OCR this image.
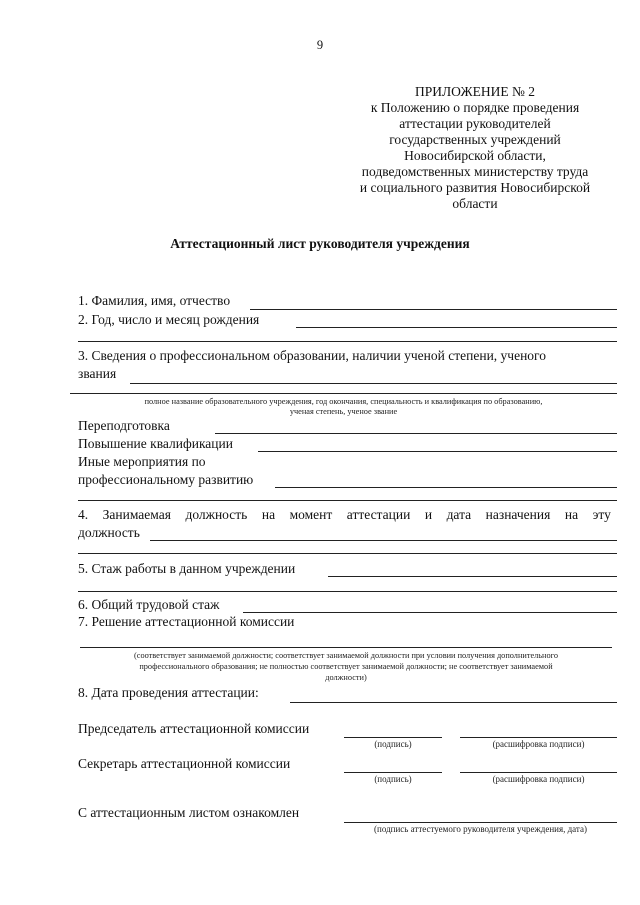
9
ПРИЛОЖЕНИЕ № 2
к Положению о порядке проведения
аттестации руководителей
государственных учреждений
Новосибирской области,
подведомственных министерству труда
и социального развития Новосибирской
области
Аттестационный лист руководителя учреждения
1. Фамилия, имя, отчество
2. Год, число и месяц рождения
3. Сведения о профессиональном образовании, наличии ученой степени, ученого
звания
полное название образовательного учреждения, год окончания, специальность и квалификация по образованию,
ученая степень, ученое звание
Переподготовка
Повышение квалификации
Иные мероприятия по
профессиональному развитию
4. Занимаемая должность на момент аттестации и дата назначения на эту
должность
5. Стаж работы в данном учреждении
6. Общий трудовой стаж
7. Решение аттестационной комиссии
(соответствует занимаемой должности; соответствует занимаемой должности при условии получения дополнительного
профессионального образования; не полностью соответствует занимаемой должности; не соответствует занимаемой
должности)
8. Дата проведения аттестации:
Председатель аттестационной комиссии
(подпись)	(расшифровка подписи)
Секретарь аттестационной комиссии
(подпись)	(расшифровка подписи)
С аттестационным листом ознакомлен
(подпись аттестуемого руководителя учреждения, дата)
